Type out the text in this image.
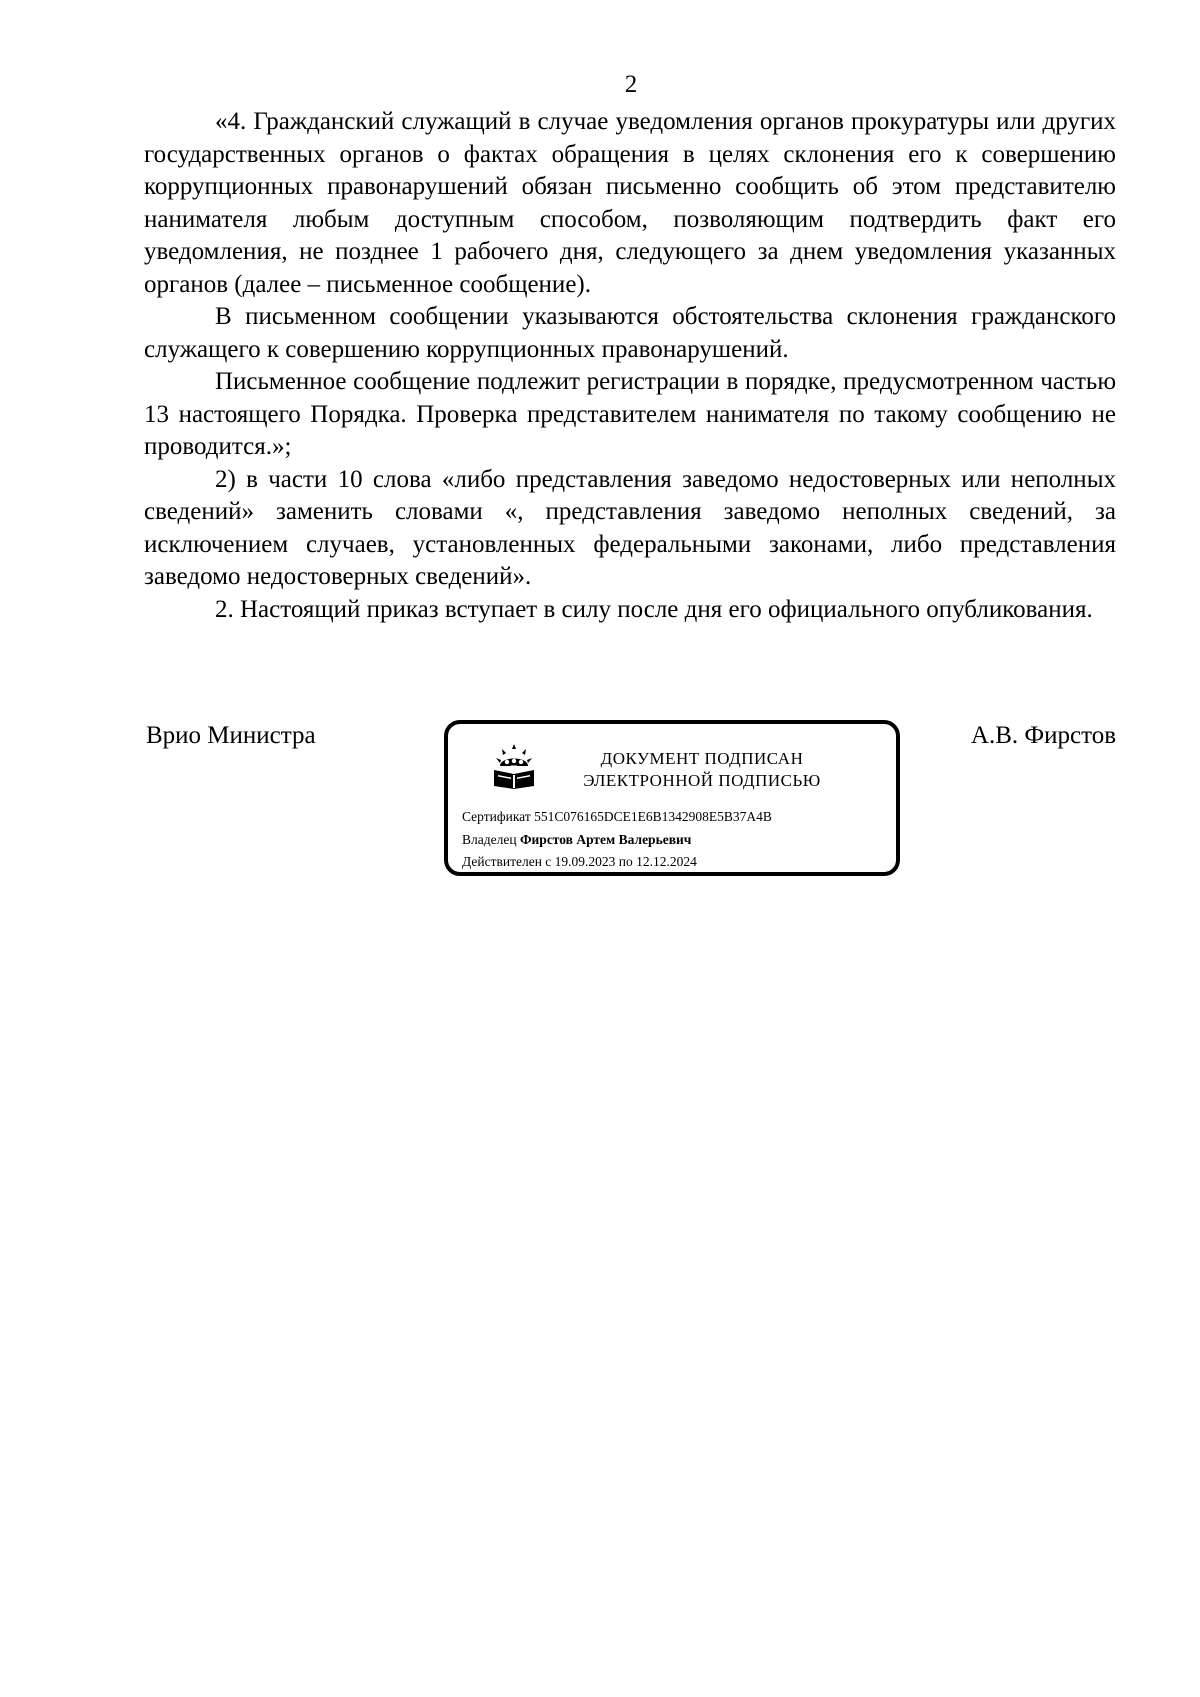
2

«4. Гражданский служащий в случае уведомления органов прокуратуры или других государственных органов о фактах обращения в целях склонения его к совершению коррупционных правонарушений обязан письменно сообщить об этом представителю нанимателя любым доступным способом, позволяющим подтвердить факт его уведомления, не позднее 1 рабочего дня, следующего за днем уведомления указанных органов (далее – письменное сообщение).

В письменном сообщении указываются обстоятельства склонения гражданского служащего к совершению коррупционных правонарушений.

Письменное сообщение подлежит регистрации в порядке, предусмотренном частью 13 настоящего Порядка. Проверка представителем нанимателя по такому сообщению не проводится.»;

2) в части 10 слова «либо представления заведомо недостоверных или неполных сведений» заменить словами «, представления заведомо неполных сведений, за исключением случаев, установленных федеральными законами, либо представления заведомо недостоверных сведений».

2. Настоящий приказ вступает в силу после дня его официального опубликования.

Врио Министра
ДОКУМЕНТ ПОДПИСАН
ЭЛЕКТРОННОЙ ПОДПИСЬЮ
Сертификат 551C076165DCE1E6B1342908E5B37A4B
Владелец Фирстов Артем Валерьевич
Действителен с 19.09.2023 по 12.12.2024
А.В. Фирстов
